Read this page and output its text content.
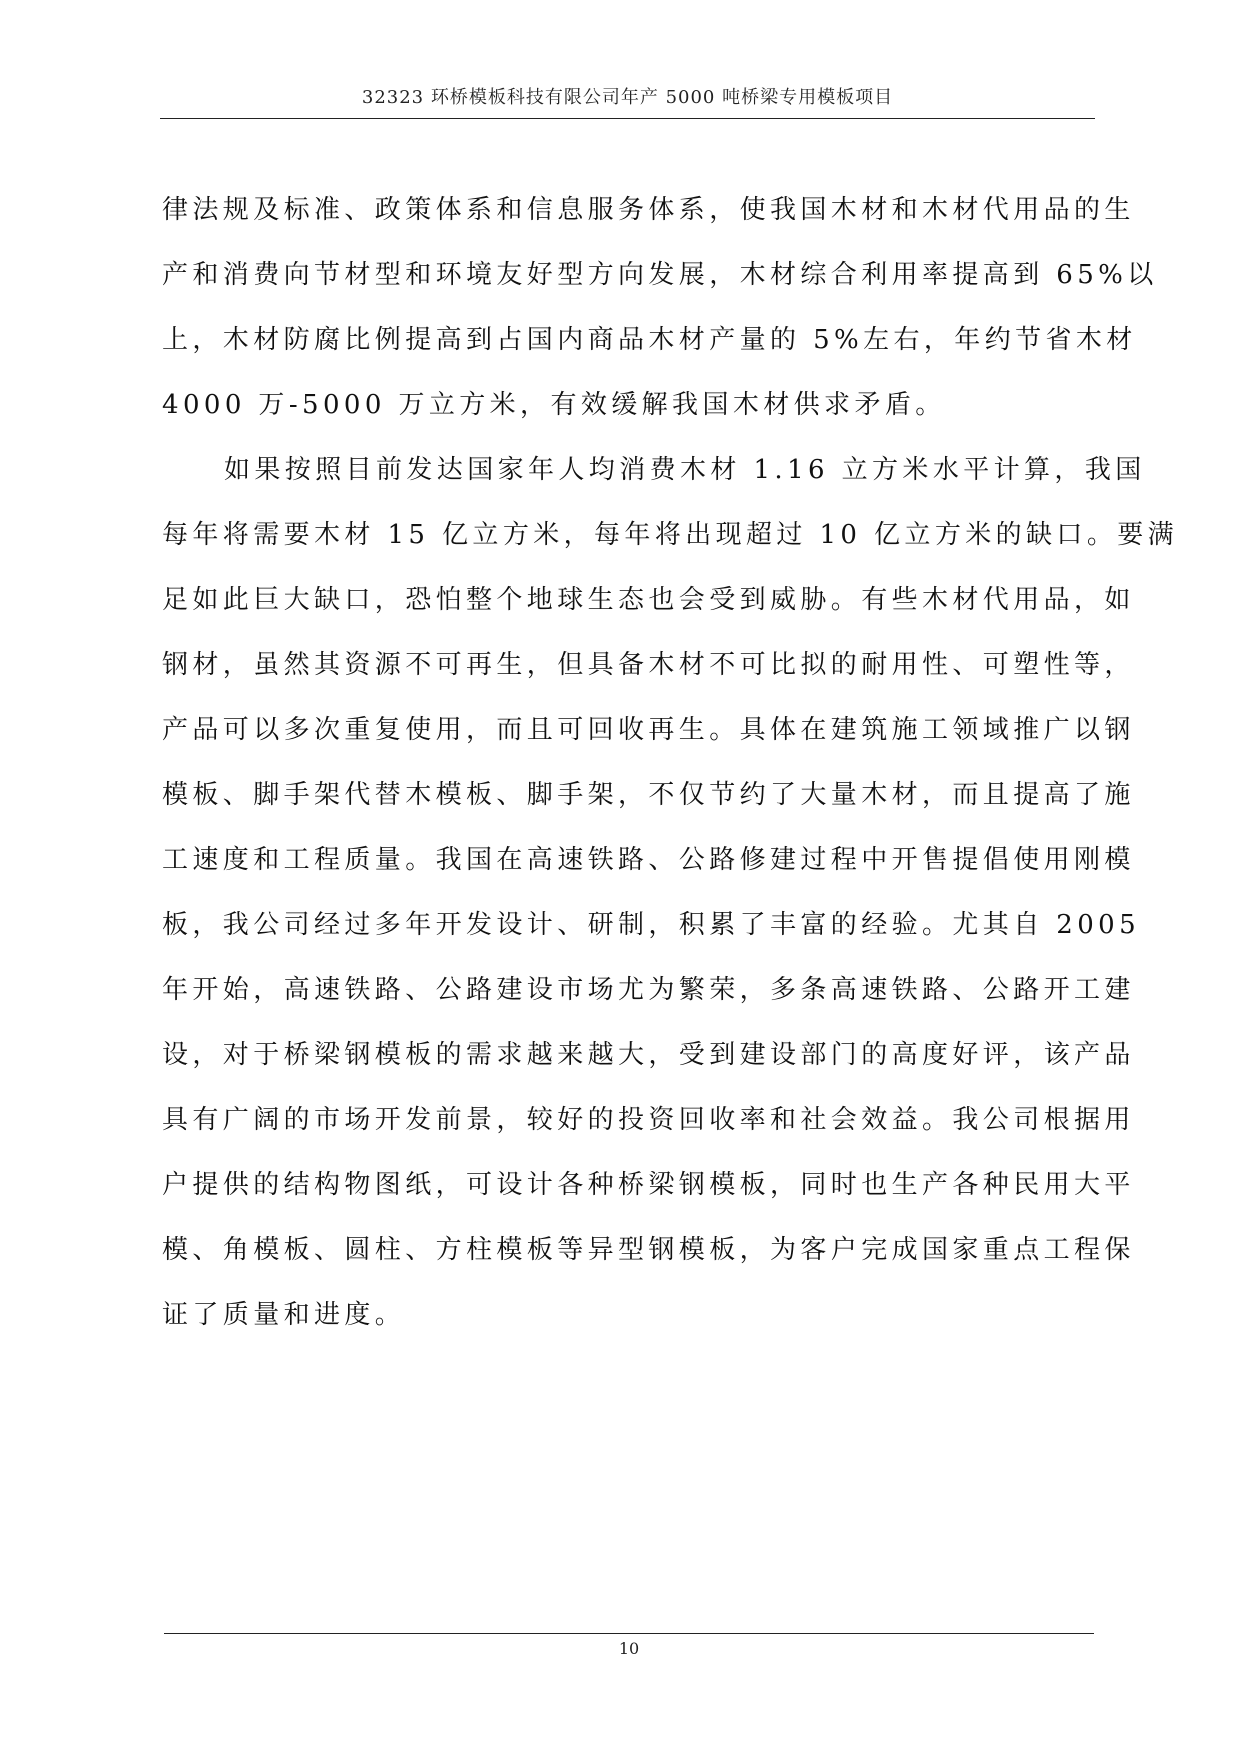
32323 环桥模板科技有限公司年产 5000 吨桥梁专用模板项目
律法规及标准、政策体系和信息服务体系，使我国木材和木材代用品的生
产和消费向节材型和环境友好型方向发展，木材综合利用率提高到 65%以
上，木材防腐比例提高到占国内商品木材产量的 5%左右，年约节省木材
4000 万-5000 万立方米，有效缓解我国木材供求矛盾。
如果按照目前发达国家年人均消费木材 1.16 立方米水平计算，我国
每年将需要木材 15 亿立方米，每年将出现超过 10 亿立方米的缺口。要满
足如此巨大缺口，恐怕整个地球生态也会受到威胁。有些木材代用品，如
钢材，虽然其资源不可再生，但具备木材不可比拟的耐用性、可塑性等，
产品可以多次重复使用，而且可回收再生。具体在建筑施工领域推广以钢
模板、脚手架代替木模板、脚手架，不仅节约了大量木材，而且提高了施
工速度和工程质量。我国在高速铁路、公路修建过程中开售提倡使用刚模
板，我公司经过多年开发设计、研制，积累了丰富的经验。尤其自 2005
年开始，高速铁路、公路建设市场尤为繁荣，多条高速铁路、公路开工建
设，对于桥梁钢模板的需求越来越大，受到建设部门的高度好评，该产品
具有广阔的市场开发前景，较好的投资回收率和社会效益。我公司根据用
户提供的结构物图纸，可设计各种桥梁钢模板，同时也生产各种民用大平
模、角模板、圆柱、方柱模板等异型钢模板，为客户完成国家重点工程保
证了质量和进度。
10
